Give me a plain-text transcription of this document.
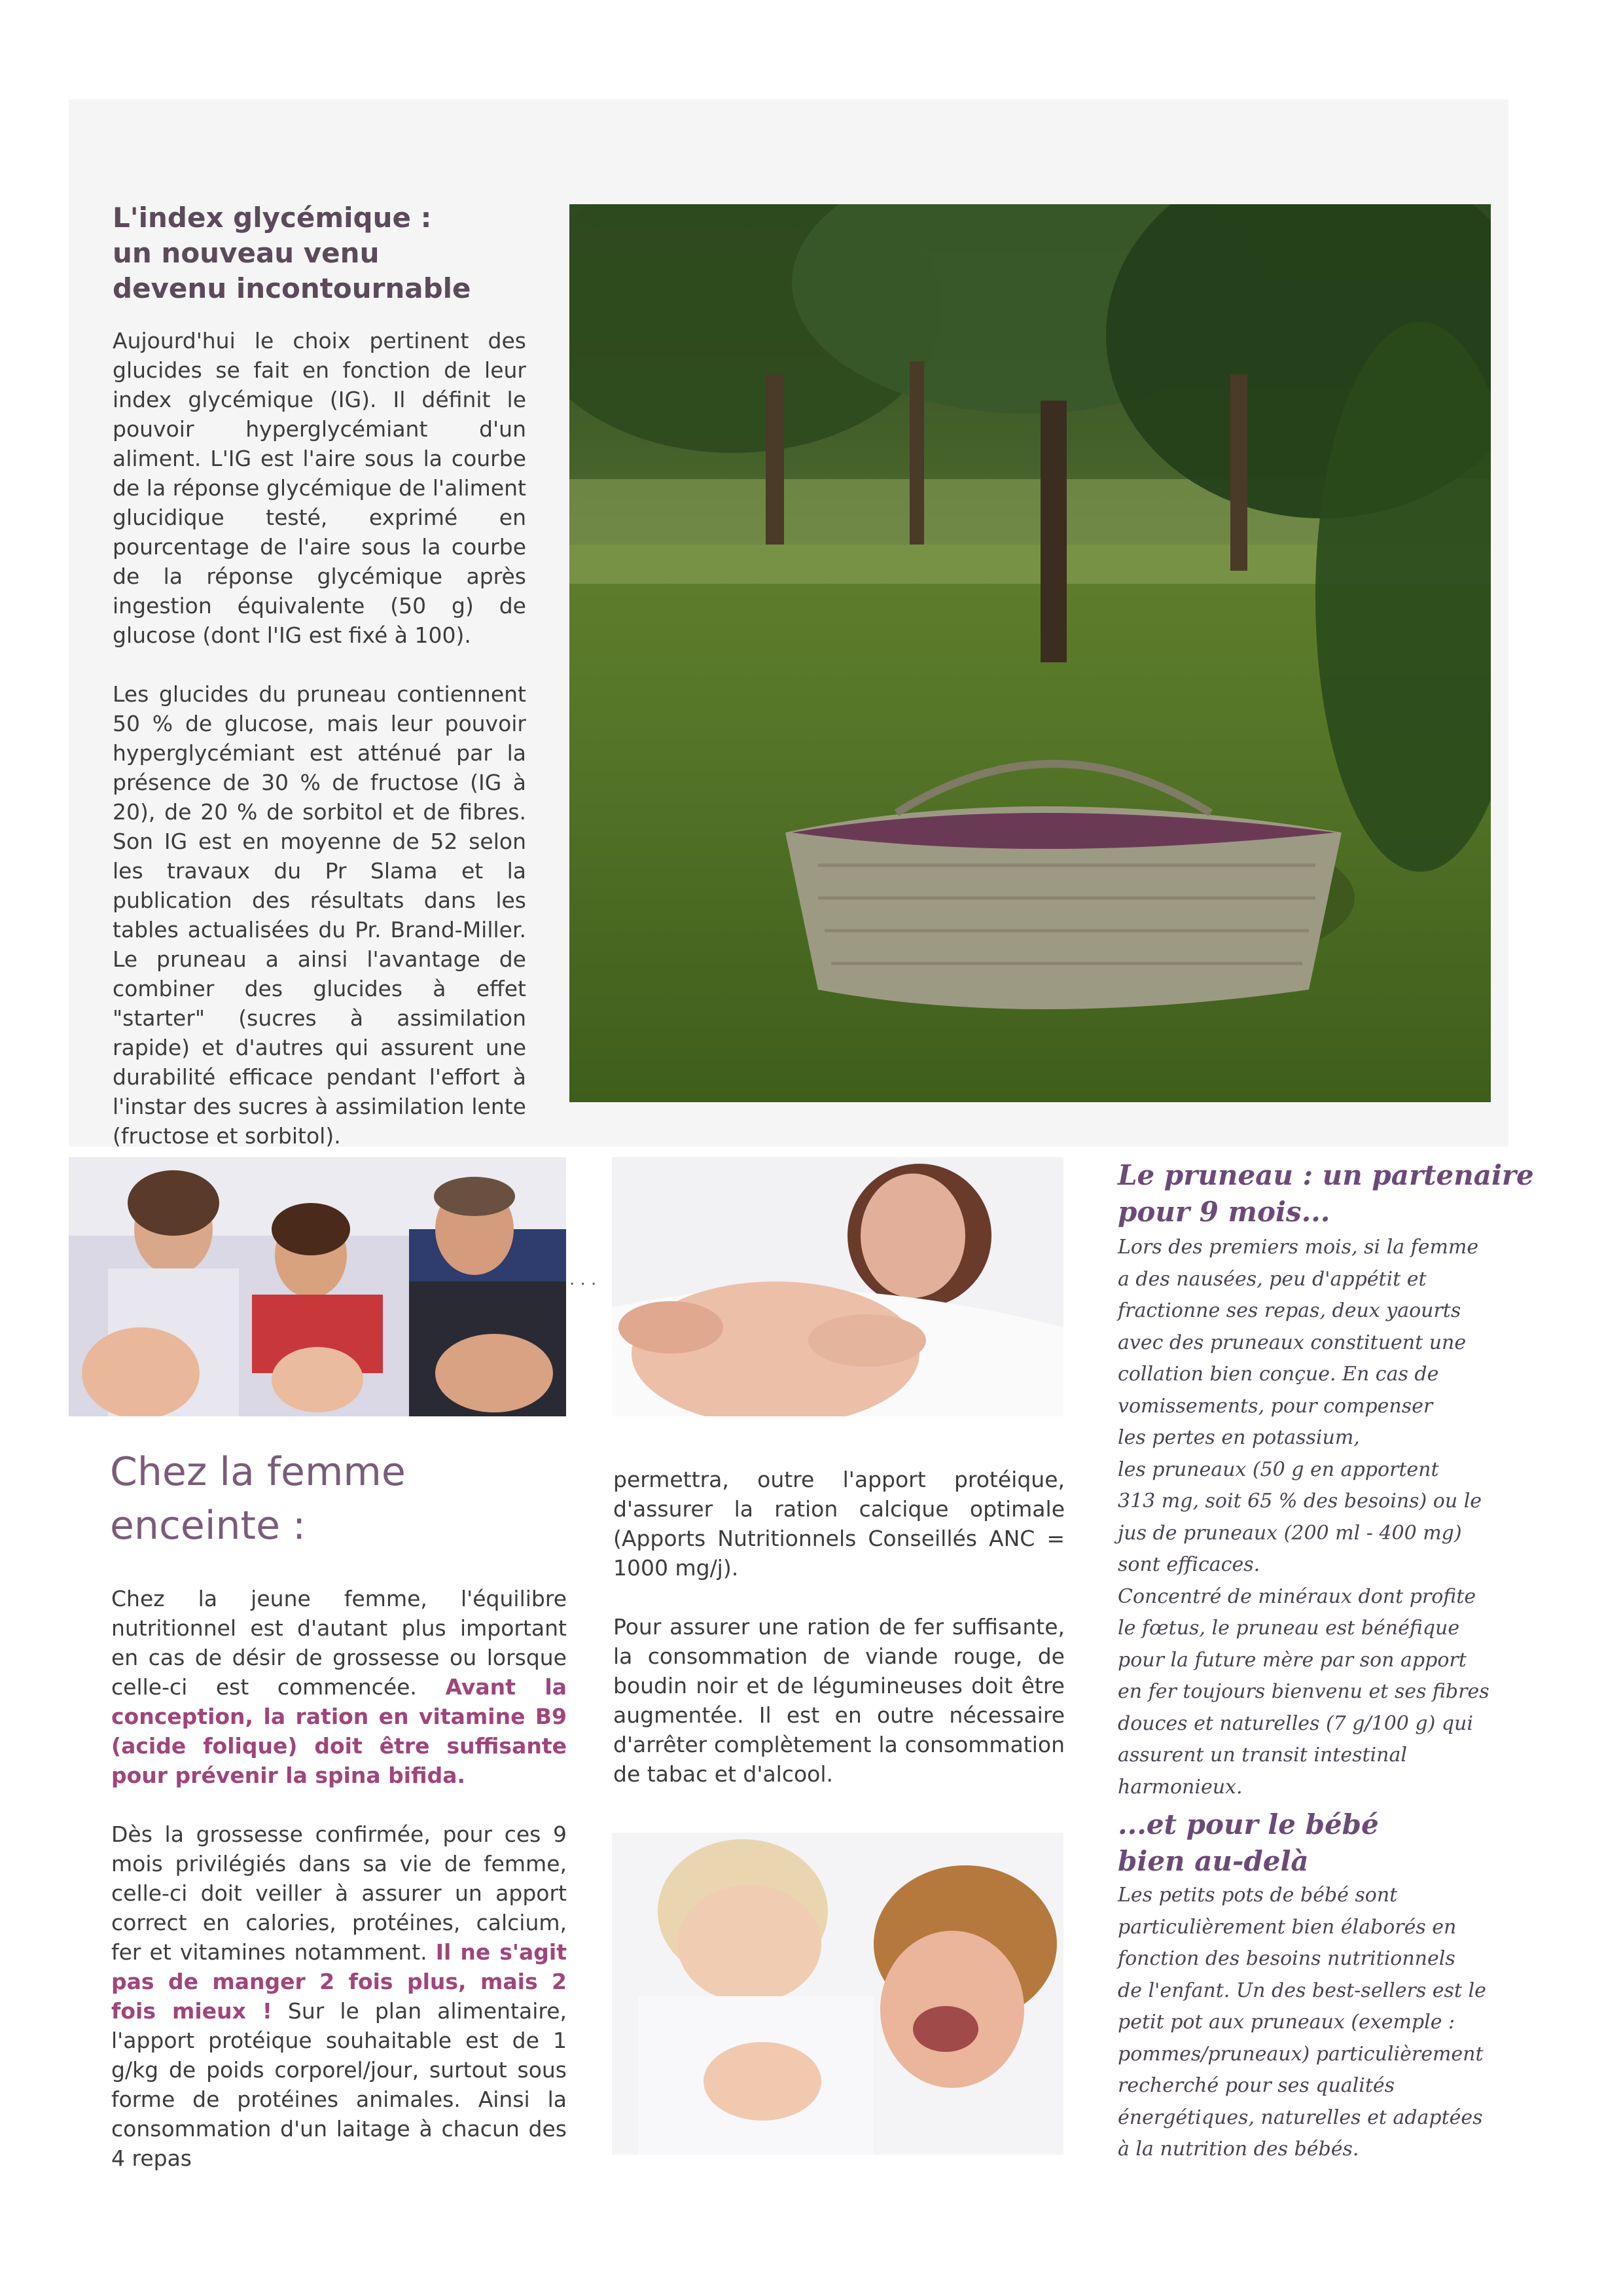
L'index glycémique :
un nouveau venu
devenu incontournable

Aujourd'hui le choix pertinent des glucides se fait en fonction de leur index glycémique (IG). Il définit le pouvoir hyperglycémiant d'un aliment. L'IG est l'aire sous la courbe de la réponse glycémique de l'aliment glucidique testé, exprimé en pourcentage de l'aire sous la courbe de la réponse glycémique après ingestion équivalente (50 g) de glucose (dont l'IG est fixé à 100).

Les glucides du pruneau contiennent 50 % de glucose, mais leur pouvoir hyperglycémiant est atténué par la présence de 30 % de fructose (IG à 20), de 20 % de sorbitol et de fibres. Son IG est en moyenne de 52 selon les travaux du Pr Slama et la publication des résultats dans les tables actualisées du Pr. Brand-Miller. Le pruneau a ainsi l'avantage de combiner des glucides à effet "starter" (sucres à assimilation rapide) et d'autres qui assurent une durabilité efficace pendant l'effort à l'instar des sucres à assimilation lente (fructose et sorbitol).

. . .
Chez la femme
enceinte :

Chez la jeune femme, l'équilibre nutritionnel est d'autant plus important en cas de désir de grossesse ou lorsque celle-ci est commencée. Avant la conception, la ration en vitamine B9 (acide folique) doit être suffisante pour prévenir la spina bifida.

Dès la grossesse confirmée, pour ces 9 mois privilégiés dans sa vie de femme, celle-ci doit veiller à assurer un apport correct en calories, protéines, calcium, fer et vitamines notamment. Il ne s'agit pas de manger 2 fois plus, mais 2 fois mieux ! Sur le plan alimentaire, l'apport protéique souhaitable est de 1 g/kg de poids corporel/jour, surtout sous forme de protéines animales. Ainsi la consommation d'un laitage à chacun des 4 repas

permettra, outre l'apport protéique, d'assurer la ration calcique optimale (Apports Nutritionnels Conseillés ANC = 1000 mg/j).

Pour assurer une ration de fer suffisante, la consommation de viande rouge, de boudin noir et de légumineuses doit être augmentée. Il est en outre nécessaire d'arrêter complètement la consommation de tabac et d'alcool.

Le pruneau : un partenaire
pour 9 mois...

Lors des premiers mois, si la femme

a des nausées, peu d'appétit et

fractionne ses repas, deux yaourts

avec des pruneaux constituent une

collation bien conçue. En cas de

vomissements, pour compenser

les pertes en potassium,

les pruneaux (50 g en apportent

313 mg, soit 65 % des besoins) ou le

jus de pruneaux (200 ml - 400 mg)

sont efficaces.

Concentré de minéraux dont profite

le fœtus, le pruneau est bénéfique

pour la future mère par son apport

en fer toujours bienvenu et ses fibres

douces et naturelles (7 g/100 g) qui

assurent un transit intestinal

harmonieux.

...et pour le bébé
bien au-delà

Les petits pots de bébé sont

particulièrement bien élaborés en

fonction des besoins nutritionnels

de l'enfant. Un des best-sellers est le

petit pot aux pruneaux (exemple :

pommes/pruneaux) particulièrement

recherché pour ses qualités

énergétiques, naturelles et adaptées

à la nutrition des bébés.
